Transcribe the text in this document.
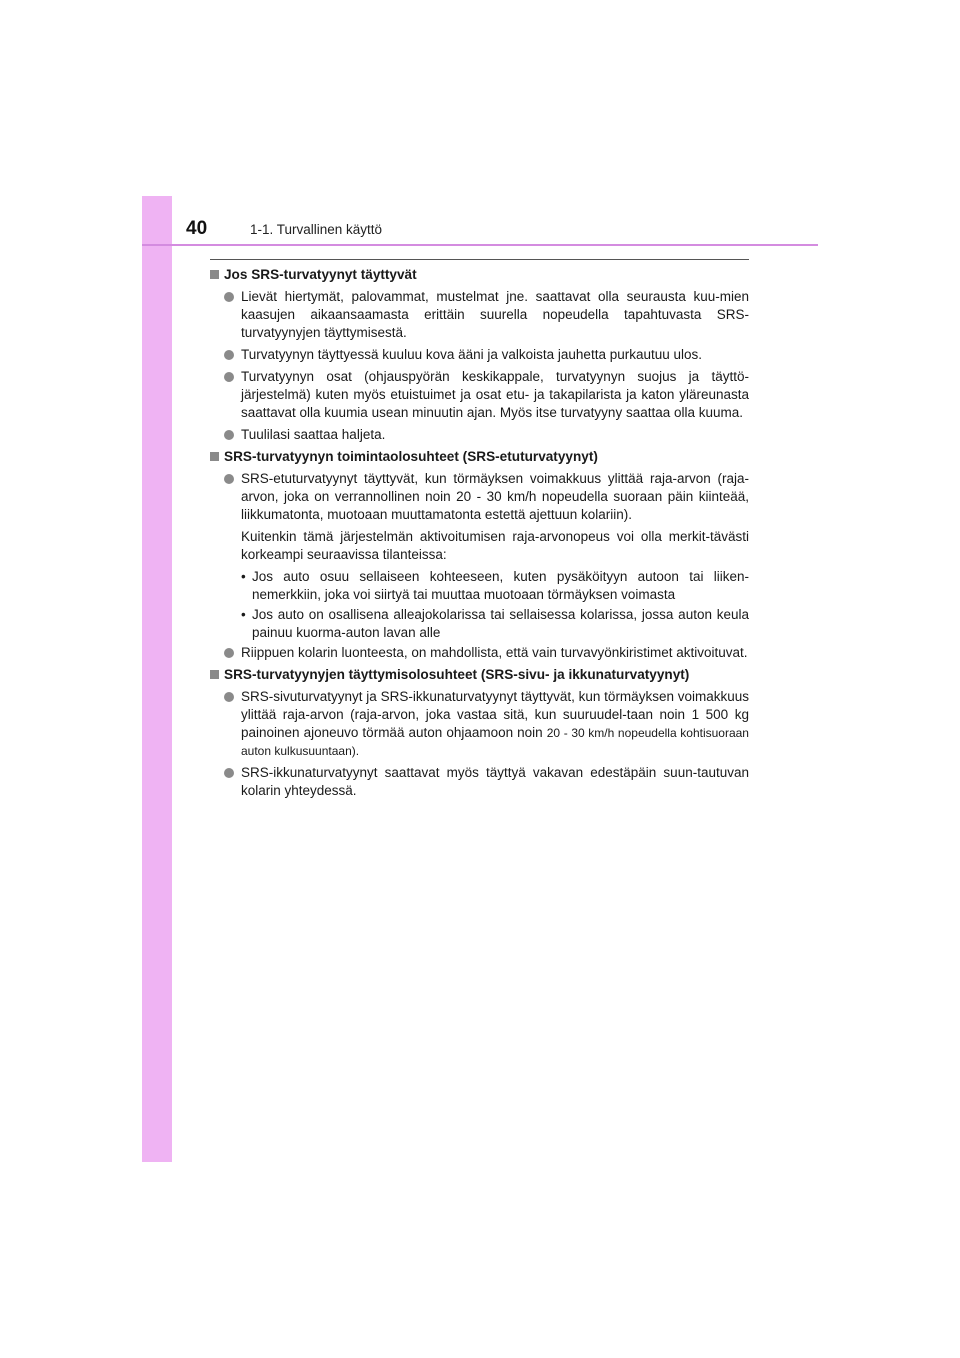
40	1-1. Turvallinen käyttö
Jos SRS-turvatyynyt täyttyvät
Lievät hiertymät, palovammat, mustelmat jne. saattavat olla seurausta kuu-mien kaasujen aikaansaamasta erittäin suurella nopeudella tapahtuvasta SRS-turvatyynyjen täyttymisestä.
Turvatyynyn täyttyessä kuuluu kova ääni ja valkoista jauhetta purkautuu ulos.
Turvatyynyn osat (ohjauspyörän keskikappale, turvatyynyn suojus ja täyttö-järjestelmä) kuten myös etuistuimet ja osat etu- ja takapilarista ja katon yläreunasta saattavat olla kuumia usean minuutin ajan. Myös itse turvatyyny saattaa olla kuuma.
Tuulilasi saattaa haljeta.
SRS-turvatyynyn toimintaolosuhteet (SRS-etuturvatyynyt)
SRS-etuturvatyynyt täyttyvät, kun törmäyksen voimakkuus ylittää raja-arvon (raja-arvon, joka on verrannollinen noin 20 - 30 km/h nopeudella suoraan päin kiinteää, liikkumatonta, muotoaan muuttamatonta estettä ajettuun kolariin).
Kuitenkin tämä järjestelmän aktivoitumisen raja-arvonopeus voi olla merkit-tävästi korkeampi seuraavissa tilanteissa:
• Jos auto osuu sellaiseen kohteeseen, kuten pysäköityyn autoon tai liiken-nemerkkiin, joka voi siirtyä tai muuttaa muotoaan törmäyksen voimasta
• Jos auto on osallisena alleajokolarissa tai sellaisessa kolarissa, jossa auton keula painuu kuorma-auton lavan alle
Riippuen kolarin luonteesta, on mahdollista, että vain turvavyönkiristimet aktivoituvat.
SRS-turvatyynyjen täyttymisolosuhteet (SRS-sivu- ja ikkunaturvatyynyt)
SRS-sivuturvatyynyt ja SRS-ikkunaturvatyynyt täyttyvät, kun törmäyksen voimakkuus ylittää raja-arvon (raja-arvon, joka vastaa sitä, kun suuruudel-taan noin 1 500 kg painoinen ajoneuvo törmää auton ohjaamoon noin 20 - 30 km/h nopeudella kohtisuoraan auton kulkusuuntaan).
SRS-ikkunaturvatyynyt saattavat myös täyttyä vakavan edestäpäin suun-tautuvan kolarin yhteydessä.
